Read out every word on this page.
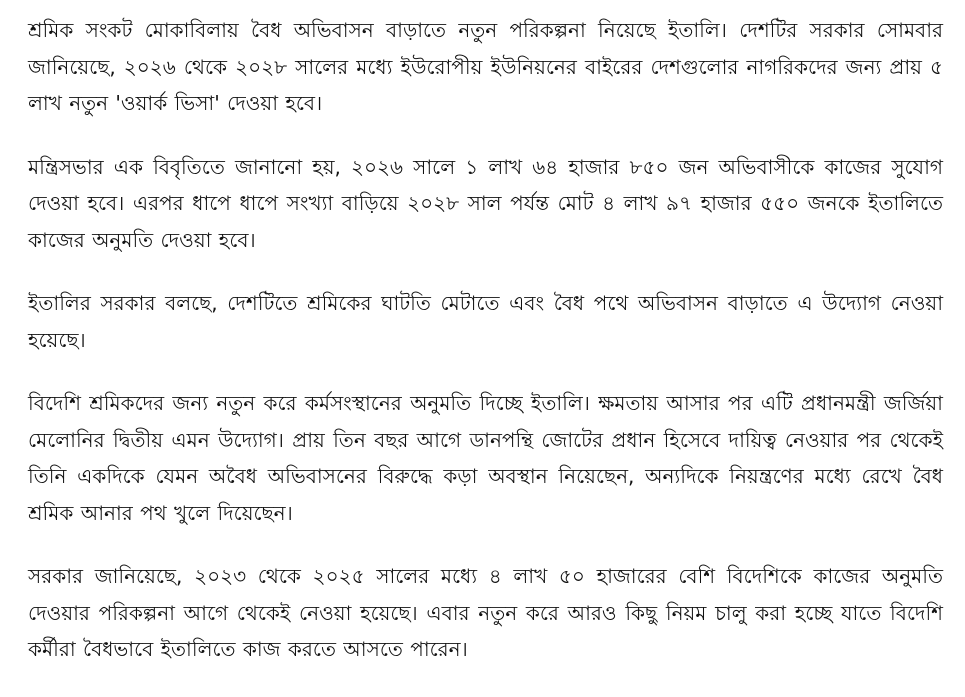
শ্রমিক সংকট মোকাবিলায় বৈধ অভিবাসন বাড়াতে নতুন পরিকল্পনা নিয়েছে ইতালি। দেশটির সরকার সোমবার জানিয়েছে, ২০২৬ থেকে ২০২৮ সালের মধ্যে ইউরোপীয় ইউনিয়নের বাইরের দেশগুলোর নাগরিকদের জন্য প্রায় ৫ লাখ নতুন 'ওয়ার্ক ভিসা' দেওয়া হবে।

মন্ত্রিসভার এক বিবৃতিতে জানানো হয়, ২০২৬ সালে ১ লাখ ৬৪ হাজার ৮৫০ জন অভিবাসীকে কাজের সুযোগ দেওয়া হবে। এরপর ধাপে ধাপে সংখ্যা বাড়িয়ে ২০২৮ সাল পর্যন্ত মোট ৪ লাখ ৯৭ হাজার ৫৫০ জনকে ইতালিতে কাজের অনুমতি দেওয়া হবে।

ইতালির সরকার বলছে, দেশটিতে শ্রমিকের ঘাটতি মেটাতে এবং বৈধ পথে অভিবাসন বাড়াতে এ উদ্যোগ নেওয়া হয়েছে।

বিদেশি শ্রমিকদের জন্য নতুন করে কর্মসংস্থানের অনুমতি দিচ্ছে ইতালি। ক্ষমতায় আসার পর এটি প্রধানমন্ত্রী জর্জিয়া মেলোনির দ্বিতীয় এমন উদ্যোগ। প্রায় তিন বছর আগে ডানপন্থি জোটের প্রধান হিসেবে দায়িত্ব নেওয়ার পর থেকেই তিনি একদিকে যেমন অবৈধ অভিবাসনের বিরুদ্ধে কড়া অবস্থান নিয়েছেন, অন্যদিকে নিয়ন্ত্রণের মধ্যে রেখে বৈধ শ্রমিক আনার পথ খুলে দিয়েছেন।

সরকার জানিয়েছে, ২০২৩ থেকে ২০২৫ সালের মধ্যে ৪ লাখ ৫০ হাজারের বেশি বিদেশিকে কাজের অনুমতি দেওয়ার পরিকল্পনা আগে থেকেই নেওয়া হয়েছে। এবার নতুন করে আরও কিছু নিয়ম চালু করা হচ্ছে যাতে বিদেশি কর্মীরা বৈধভাবে ইতালিতে কাজ করতে আসতে পারেন।
